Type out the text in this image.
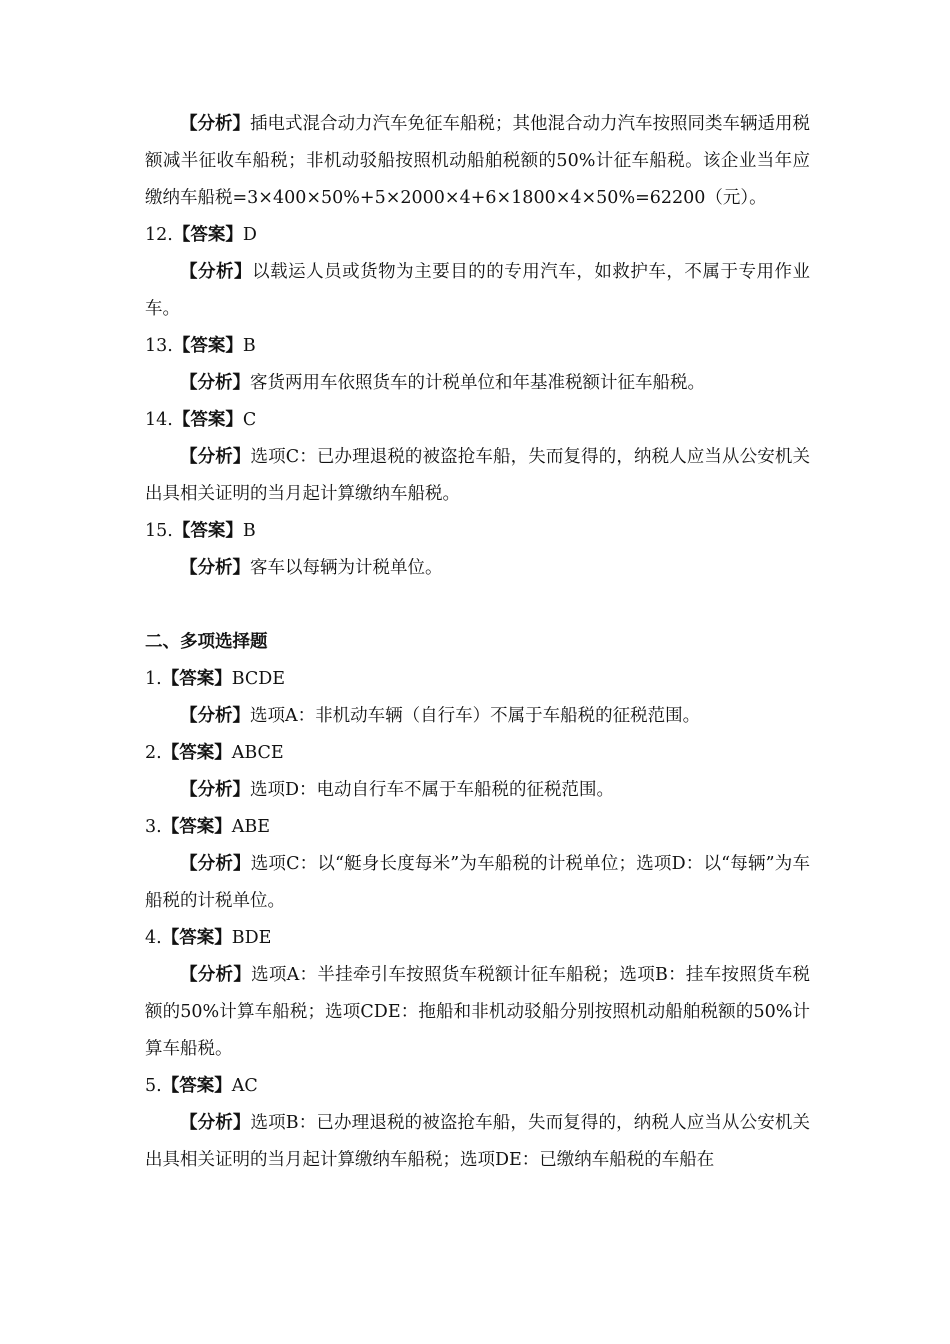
【分析】插电式混合动力汽车免征车船税；其他混合动力汽车按照同类车辆适用税额减半征收车船税；非机动驳船按照机动船舶税额的50%计征车船税。该企业当年应缴纳车船税=3×400×50%+5×2000×4+6×1800×4×50%=62200（元）。

12.【答案】D

【分析】以载运人员或货物为主要目的的专用汽车，如救护车，不属于专用作业车。

13.【答案】B

【分析】客货两用车依照货车的计税单位和年基准税额计征车船税。

14.【答案】C

【分析】选项C：已办理退税的被盗抢车船，失而复得的，纳税人应当从公安机关出具相关证明的当月起计算缴纳车船税。

15.【答案】B

【分析】客车以每辆为计税单位。

二、多项选择题

1.【答案】BCDE

【分析】选项A：非机动车辆（自行车）不属于车船税的征税范围。

2.【答案】ABCE

【分析】选项D：电动自行车不属于车船税的征税范围。

3.【答案】ABE

【分析】选项C：以“艇身长度每米”为车船税的计税单位；选项D：以“每辆”为车船税的计税单位。

4.【答案】BDE

【分析】选项A：半挂牵引车按照货车税额计征车船税；选项B：挂车按照货车税额的50%计算车船税；选项CDE：拖船和非机动驳船分别按照机动船舶税额的50%计算车船税。

5.【答案】AC

【分析】选项B：已办理退税的被盗抢车船，失而复得的，纳税人应当从公安机关出具相关证明的当月起计算缴纳车船税；选项DE：已缴纳车船税的车船在
